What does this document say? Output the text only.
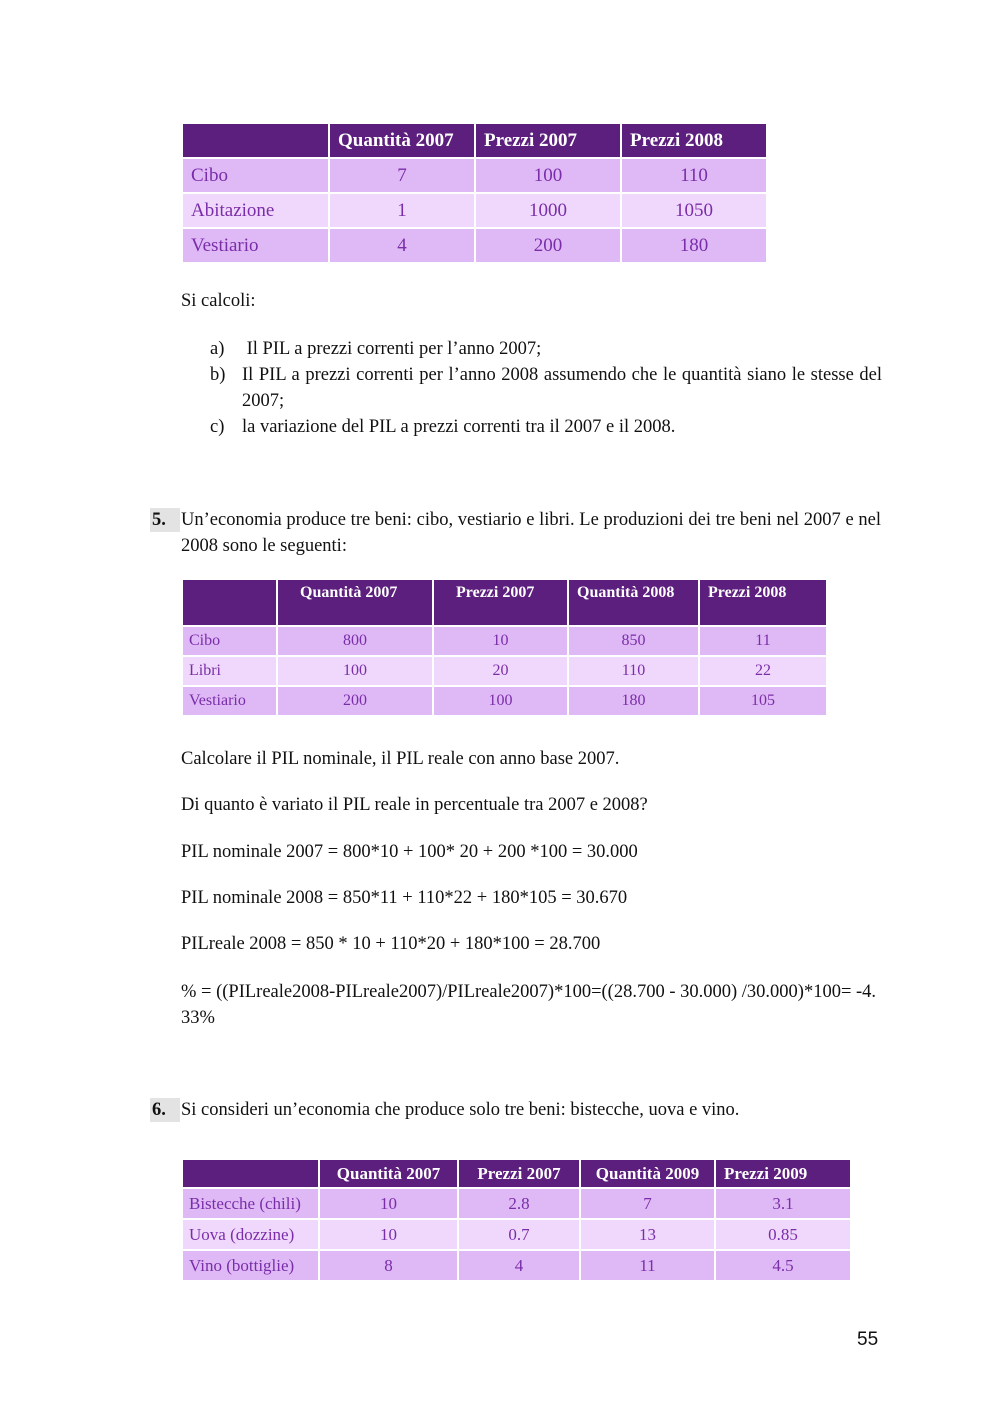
	Quantità 2007	Prezzi 2007	Prezzi 2008
Cibo	7	100	110
Abitazione	1	1000	1050
Vestiario	4	200	180
Si calcoli:
a) Il PIL a prezzi correnti per l’anno 2007;
b) Il PIL a prezzi correnti per l’anno 2008 assumendo che le quantità siano le stesse del 2007;
c) la variazione del PIL a prezzi correnti tra il 2007 e il 2008.
5. Un’economia produce tre beni: cibo, vestiario e libri. Le produzioni dei tre beni nel 2007 e nel 2008 sono le seguenti:
	Quantità 2007	Prezzi 2007	Quantità 2008	Prezzi 2008
Cibo	800	10	850	11
Libri	100	20	110	22
Vestiario	200	100	180	105
Calcolare il PIL nominale, il PIL reale con anno base 2007.
Di quanto è variato il PIL reale in percentuale tra 2007 e 2008?
PIL nominale 2007 = 800*10 + 100* 20 + 200 *100 = 30.000
PIL nominale 2008 = 850*11 + 110*22 + 180*105 = 30.670
PILreale 2008 = 850 * 10 + 110*20 + 180*100 = 28.700
% = ((PILreale2008-PILreale2007)/PILreale2007)*100=((28.700 - 30.000) /30.000)*100= -4.33%
6. Si consideri un’economia che produce solo tre beni: bistecche, uova e vino.
	Quantità 2007	Prezzi 2007	Quantità 2009	Prezzi 2009
Bistecche (chili)	10	2.8	7	3.1
Uova (dozzine)	10	0.7	13	0.85
Vino (bottiglie)	8	4	11	4.5
55
